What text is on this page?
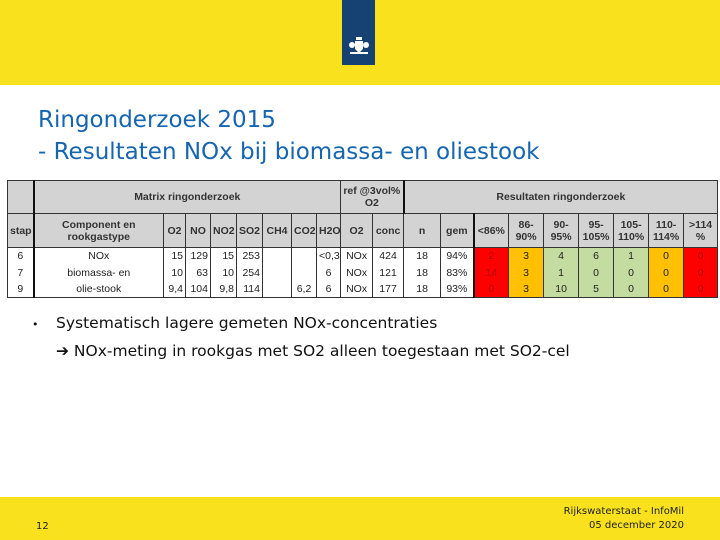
Ringonderzoek 2015
- Resultaten NOx bij biomassa- en oliestook
	Matrix ringonderzoek								ref @3vol% O2		Resultaten ringonderzoek								
stap	Component en rookgastype	O2	NO	NO2	SO2	CH4	CO2	H2O	O2	conc	n	gem	<86%	86-90%	90-95%	95-105%	105-110%	110-114%	>114 %
6	NOx	15	129	15	253			<0,3	NOx	424	18	94%	2	3	4	6	1	0	0
7	biomassa- en	10	63	10	254			6	NOx	121	18	83%	14	3	1	0	0	0	0
9	olie-stook	9,4	104	9,8	114		6,2	6	NOx	177	18	93%	0	3	10	5	0	0	0
• Systematisch lagere gemeten NOx-concentraties
➔ NOx-meting in rookgas met SO2 alleen toegestaan met SO2-cel
12
Rijkswaterstaat - InfoMil
05 december 2020
